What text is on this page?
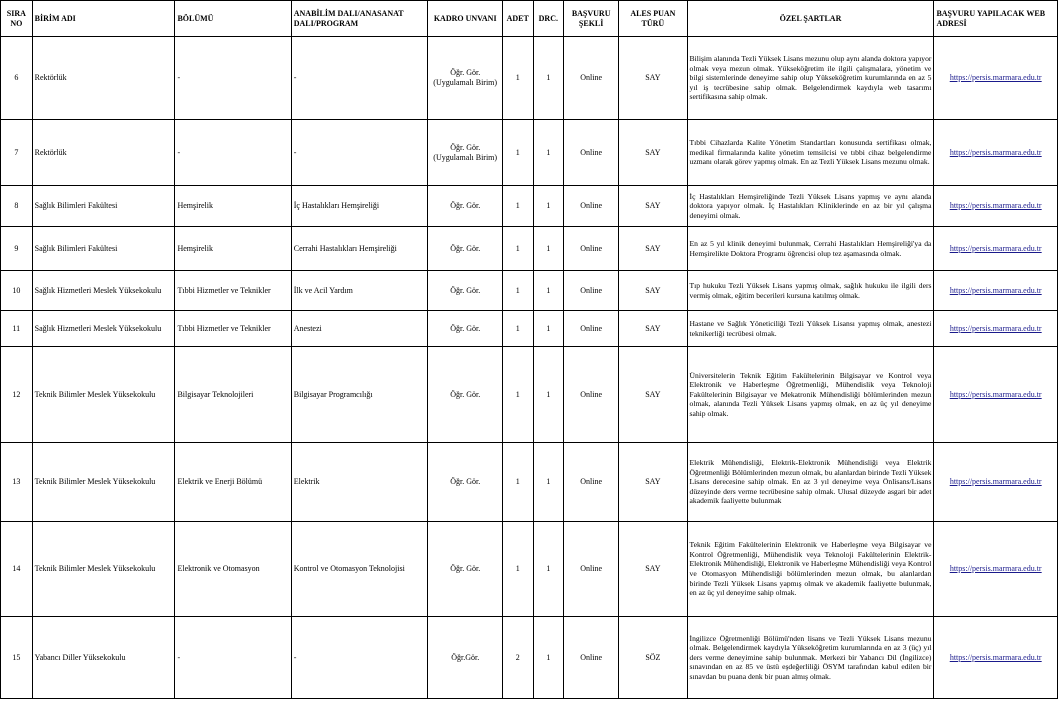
SIRA NO	BİRİM ADI	BÖLÜMÜ	ANABİLİM DALI/ANASANAT DALI/PROGRAM	KADRO UNVANI	ADET	DRC.	BAŞVURU ŞEKLİ	ALES PUAN TÜRÜ	ÖZEL ŞARTLAR	BAŞVURU YAPILACAK WEB ADRESİ
6	Rektörlük	-	-	Öğr. Gör. (Uygulamalı Birim)	1	1	Online	SAY	Bilişim alanında Tezli Yüksek Lisans mezunu olup aynı alanda doktora yapıyor olmak veya mezun olmak. Yükseköğretim ile ilgili çalışmalara, yönetim ve bilgi sistemlerinde deneyime sahip olup Yükseköğretim kurumlarında en az 5 yıl iş tecrübesine sahip olmak. Belgelendirmek kaydıyla web tasarımı sertifikasına sahip olmak.	https://persis.marmara.edu.tr
7	Rektörlük	-	-	Öğr. Gör. (Uygulamalı Birim)	1	1	Online	SAY	Tıbbi Cihazlarda Kalite Yönetim Standartları konusunda sertifikası olmak, medikal firmalarında kalite yönetim temsilcisi ve tıbbi cihaz belgelendirme uzmanı olarak görev yapmış olmak. En az Tezli Yüksek Lisans mezunu olmak.	https://persis.marmara.edu.tr
8	Sağlık Bilimleri Fakültesi	Hemşirelik	İç Hastalıkları Hemşireliği	Öğr. Gör.	1	1	Online	SAY	İç Hastalıkları Hemşireliğinde Tezli Yüksek Lisans yapmış ve aynı alanda doktora yapıyor olmak. İç Hastalıkları Kliniklerinde en az bir yıl çalışma deneyimi olmak.	https://persis.marmara.edu.tr
9	Sağlık Bilimleri Fakültesi	Hemşirelik	Cerrahi Hastalıkları Hemşireliği	Öğr. Gör.	1	1	Online	SAY	En az 5 yıl klinik deneyimi bulunmak, Cerrahi Hastalıkları Hemşireliği'ya da Hemşirelikte Doktora Programı öğrencisi olup tez aşamasında olmak.	https://persis.marmara.edu.tr
10	Sağlık Hizmetleri Meslek Yüksekokulu	Tıbbi Hizmetler ve Teknikler	İlk ve Acil Yardım	Öğr. Gör.	1	1	Online	SAY	Tıp hukuku Tezli Yüksek Lisans yapmış olmak, sağlık hukuku ile ilgili ders vermiş olmak, eğitim becerileri kursuna katılmış olmak.	https://persis.marmara.edu.tr
11	Sağlık Hizmetleri Meslek Yüksekokulu	Tıbbi Hizmetler ve Teknikler	Anestezi	Öğr. Gör.	1	1	Online	SAY	Hastane ve Sağlık Yöneticiliği Tezli Yüksek Lisansı yapmış olmak, anestezi teknikerliği tecrübesi olmak.	https://persis.marmara.edu.tr
12	Teknik Bilimler Meslek Yüksekokulu	Bilgisayar Teknolojileri	Bilgisayar Programcılığı	Öğr. Gör.	1	1	Online	SAY	Üniversitelerin Teknik Eğitim Fakültelerinin Bilgisayar ve Kontrol veya Elektronik ve Haberleşme Öğretmenliği, Mühendislik veya Teknoloji Fakültelerinin Bilgisayar ve Mekatronik Mühendisliği bölümlerinden mezun olmak, alanında Tezli Yüksek Lisans yapmış olmak, en az üç yıl deneyime sahip olmak.	https://persis.marmara.edu.tr
13	Teknik Bilimler Meslek Yüksekokulu	Elektrik ve Enerji Bölümü	Elektrik	Öğr. Gör.	1	1	Online	SAY	Elektrik Mühendisliği, Elektrik-Elektronik Mühendisliği veya Elektrik Öğretmenliği Bölümlerinden mezun olmak, bu alanlardan birinde Tezli Yüksek Lisans derecesine sahip olmak. En az 3 yıl deneyime veya Önlisans/Lisans düzeyinde ders verme tecrübesine sahip olmak. Ulusal düzeyde asgari bir adet akademik faaliyette bulunmak	https://persis.marmara.edu.tr
14	Teknik Bilimler Meslek Yüksekokulu	Elektronik ve Otomasyon	Kontrol ve Otomasyon Teknolojisi	Öğr. Gör.	1	1	Online	SAY	Teknik Eğitim Fakültelerinin Elektronik ve Haberleşme veya Bilgisayar ve Kontrol Öğretmenliği, Mühendislik veya Teknoloji Fakültelerinin Elektrik-Elektronik Mühendisliği, Elektronik ve Haberleşme Mühendisliği veya Kontrol ve Otomasyon Mühendisliği bölümlerinden mezun olmak, bu alanlardan birinde Tezli Yüksek Lisans yapmış olmak ve akademik faaliyette bulunmak, en az üç yıl deneyime sahip olmak.	https://persis.marmara.edu.tr
15	Yabancı Diller Yüksekokulu	-	-	Öğr.Gör.	2	1	Online	SÖZ	İngilizce Öğretmenliği Bölümü'nden lisans ve Tezli Yüksek Lisans mezunu olmak. Belgelendirmek kaydıyla Yükseköğretim kurumlarında en az 3 (üç) yıl ders verme deneyimine sahip bulunmak. Merkezi bir Yabancı Dil (İngilizce) sınavından en az 85 ve üstü eşdeğerliliği ÖSYM tarafından kabul edilen bir sınavdan bu puana denk bir puan almış olmak.	https://persis.marmara.edu.tr
